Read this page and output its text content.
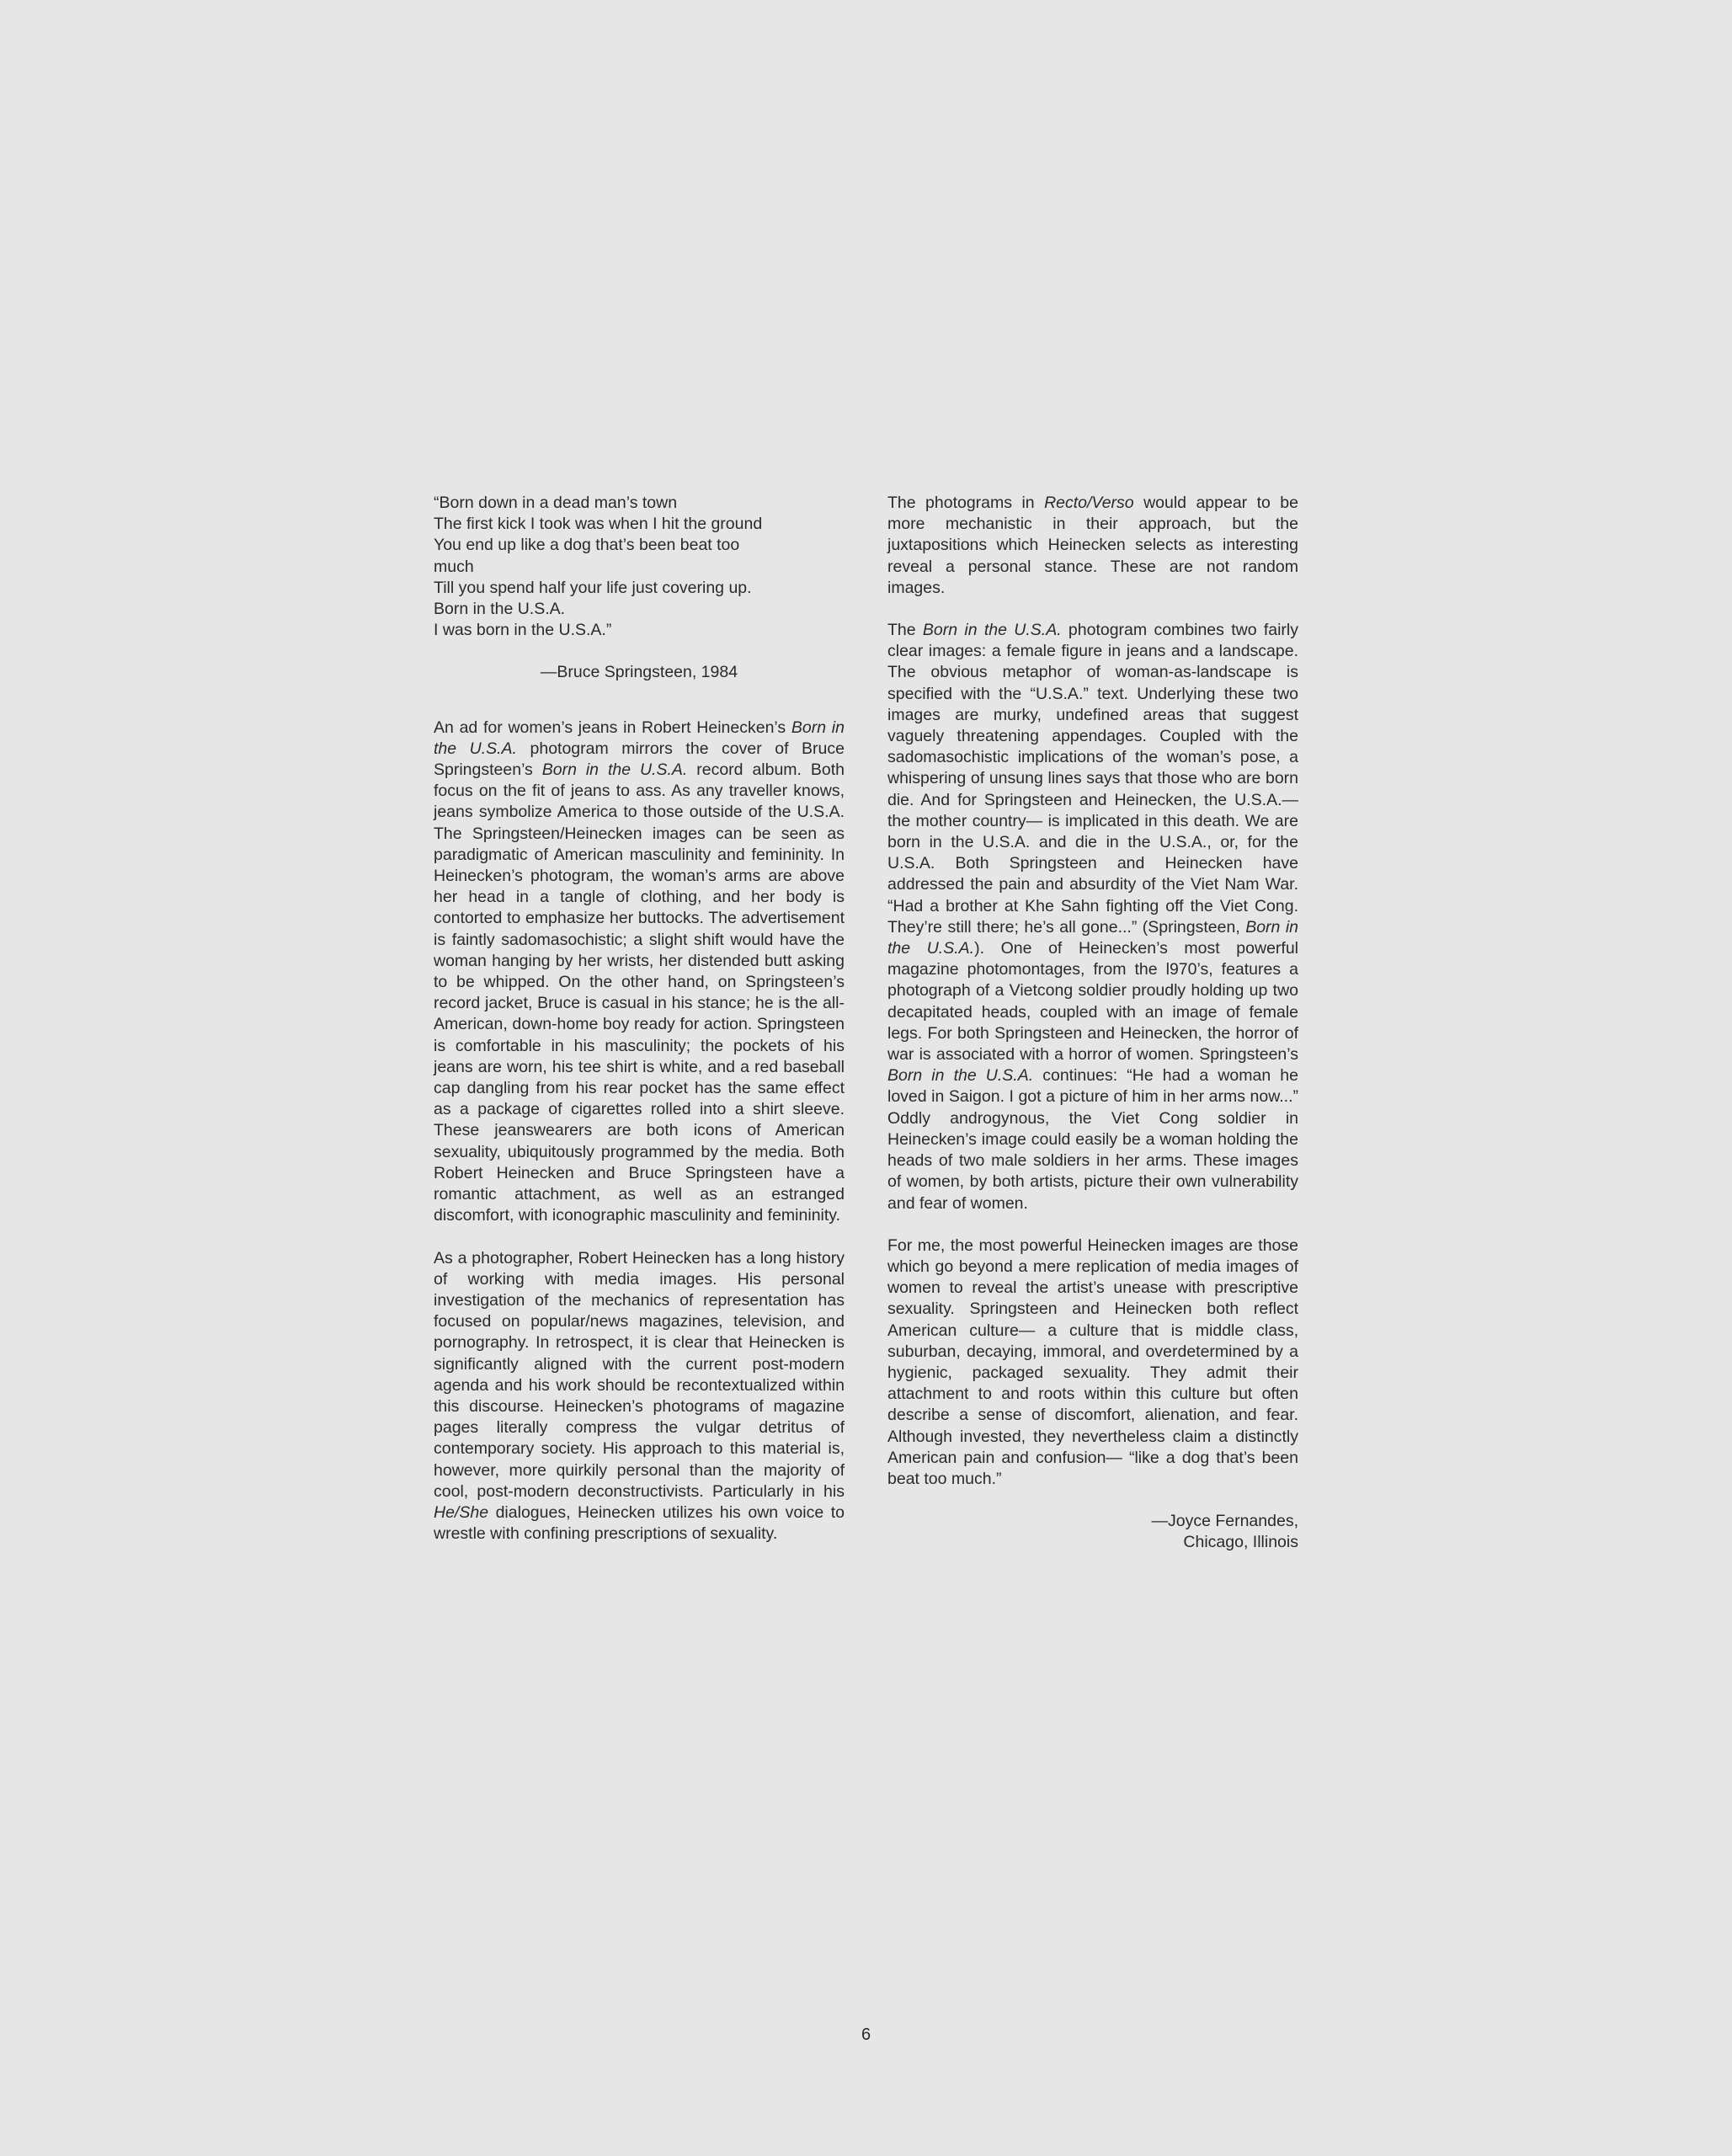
“Born down in a dead man’s town
The first kick I took was when I hit the ground
You end up like a dog that’s been beat too
much
Till you spend half your life just covering up.
Born in the U.S.A.
I was born in the U.S.A.”
—Bruce Springsteen, 1984

An ad for women’s jeans in Robert Heinecken’s Born in the U.S.A. photogram mirrors the cover of Bruce Springsteen’s Born in the U.S.A. record album. Both focus on the fit of jeans to ass. As any traveller knows, jeans symbolize America to those outside of the U.S.A. The Springsteen/Heinecken images can be seen as paradigmatic of American masculinity and femininity. In Heinecken’s photogram, the woman’s arms are above her head in a tangle of clothing, and her body is contorted to emphasize her buttocks. The advertisement is faintly sadomasochistic; a slight shift would have the woman hanging by her wrists, her distended butt asking to be whipped. On the other hand, on Springsteen’s record jacket, Bruce is casual in his stance; he is the all-American, down-home boy ready for action. Springsteen is comfortable in his masculinity; the pockets of his jeans are worn, his tee shirt is white, and a red baseball cap dangling from his rear pocket has the same effect as a package of cigarettes rolled into a shirt sleeve. These jeanswearers are both icons of American sexuality, ubiquitously programmed by the media. Both Robert Heinecken and Bruce Springsteen have a romantic attachment, as well as an estranged discomfort, with iconographic masculinity and femininity.

As a photographer, Robert Heinecken has a long history of working with media images. His personal investigation of the mechanics of representation has focused on popular/news magazines, television, and pornography. In retrospect, it is clear that Heinecken is significantly aligned with the current post-modern agenda and his work should be recontextualized within this discourse. Heinecken’s photograms of magazine pages literally compress the vulgar detritus of contemporary society. His approach to this material is, however, more quirkily personal than the majority of cool, post-modern deconstructivists. Particularly in his He/She dialogues, Heinecken utilizes his own voice to wrestle with confining prescriptions of sexuality.

The photograms in Recto/Verso would appear to be more mechanistic in their approach, but the juxtapositions which Heinecken selects as interesting reveal a personal stance. These are not random images.

The Born in the U.S.A. photogram combines two fairly clear images: a female figure in jeans and a landscape. The obvious metaphor of woman-as-landscape is specified with the “U.S.A.” text. Underlying these two images are murky, undefined areas that suggest vaguely threatening appendages. Coupled with the sadomasochistic implications of the woman’s pose, a whispering of unsung lines says that those who are born die. And for Springsteen and Heinecken, the U.S.A.— the mother country— is implicated in this death. We are born in the U.S.A. and die in the U.S.A., or, for the U.S.A. Both Springsteen and Heinecken have addressed the pain and absurdity of the Viet Nam War. “Had a brother at Khe Sahn fighting off the Viet Cong. They’re still there; he’s all gone...” (Springsteen, Born in the U.S.A.). One of Heinecken’s most powerful magazine photomontages, from the l970’s, features a photograph of a Vietcong soldier proudly holding up two decapitated heads, coupled with an image of female legs. For both Springsteen and Heinecken, the horror of war is associated with a horror of women. Springsteen’s Born in the U.S.A. continues: “He had a woman he loved in Saigon. I got a picture of him in her arms now...” Oddly androgynous, the Viet Cong soldier in Heinecken’s image could easily be a woman holding the heads of two male soldiers in her arms. These images of women, by both artists, picture their own vulnerability and fear of women.

For me, the most powerful Heinecken images are those which go beyond a mere replication of media images of women to reveal the artist’s unease with prescriptive sexuality. Springsteen and Heinecken both reflect American culture— a culture that is middle class, suburban, decaying, immoral, and overdetermined by a hygienic, packaged sexuality. They admit their attachment to and roots within this culture but often describe a sense of discomfort, alienation, and fear. Although invested, they nevertheless claim a distinctly American pain and confusion— “like a dog that’s been beat too much.”

—Joyce Fernandes,
Chicago, Illinois
6
